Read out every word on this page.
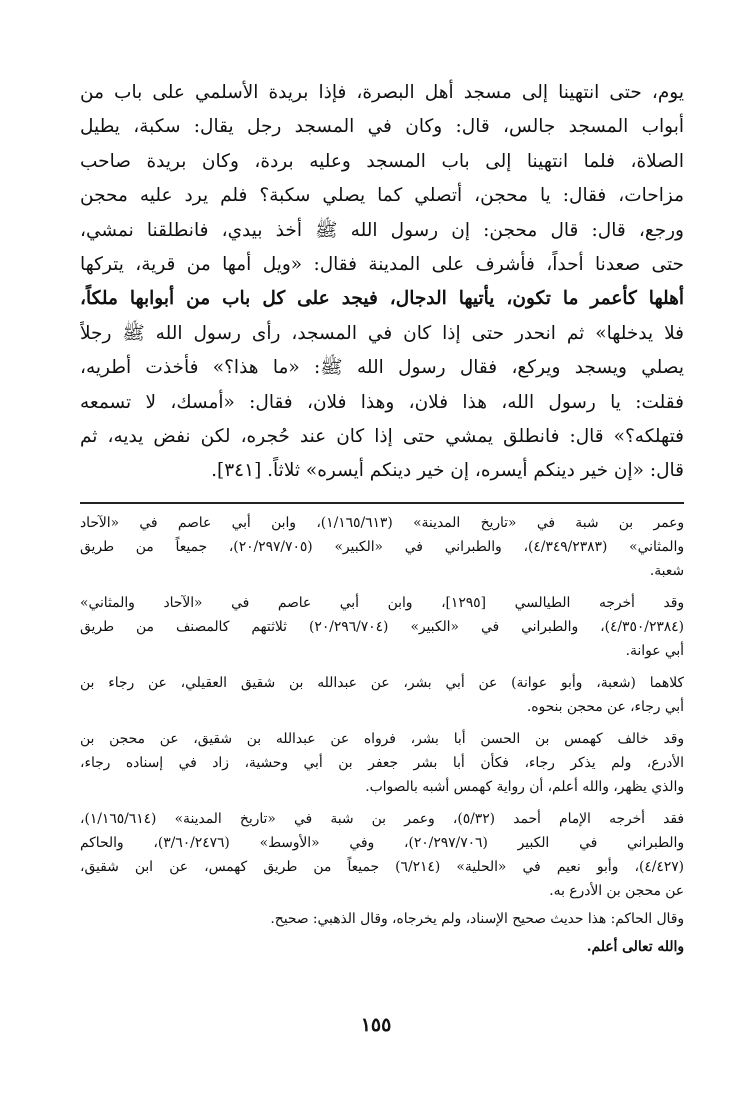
يوم، حتى انتهينا إلى مسجد أهل البصرة، فإذا بريدة الأسلمي على باب من
أبواب المسجد جالس، قال: وكان في المسجد رجل يقال: سكبة، يطيل
الصلاة، فلما انتهينا إلى باب المسجد وعليه بردة، وكان بريدة صاحب
مزاحات، فقال: يا محجن، أتصلي كما يصلي سكبة؟ فلم يرد عليه محجن
ورجع، قال: قال محجن: إن رسول الله ﷺ أخذ بيدي، فانطلقنا نمشي،
حتى صعدنا أحداً، فأشرف على المدينة فقال: «ويل أمها من قرية، يتركها
أهلها كأعمر ما تكون، يأتيها الدجال، فيجد على كل باب من أبوابها ملكاً،
فلا يدخلها» ثم انحدر حتى إذا كان في المسجد، رأى رسول الله ﷺ رجلاً
يصلي ويسجد ويركع، فقال رسول الله ﷺ: «ما هذا؟» فأخذت أطريه،
فقلت: يا رسول الله، هذا فلان، وهذا فلان، فقال: «أمسك، لا تسمعه
فتهلكه؟» قال: فانطلق يمشي حتى إذا كان عند حُجره، لكن نفض يديه، ثم
قال: «إن خير دينكم أيسره، إن خير دينكم أيسره» ثلاثاً. [٣٤١].
وعمر بن شبة في «تاريخ المدينة» (١/١٦٥/٦١٣)، وابن أبي عاصم في «الآحاد
والمثاني» (٤/٣٤٩/٢٣٨٣)، والطبراني في «الكبير» (٢٠/٢٩٧/٧٠٥)، جميعاً من طريق
شعبة.
وقد أخرجه الطيالسي [١٢٩٥]، وابن أبي عاصم في «الآحاد والمثاني»
(٤/٣٥٠/٢٣٨٤)، والطبراني في «الكبير» (٢٠/٢٩٦/٧٠٤) ثلاثتهم كالمصنف من طريق
أبي عوانة.
كلاهما (شعبة، وأبو عوانة) عن أبي بشر، عن عبدالله بن شقيق العقيلي، عن رجاء بن
أبي رجاء، عن محجن بنحوه.
وقد خالف كهمس بن الحسن أبا بشر، فرواه عن عبدالله بن شقيق، عن محجن بن
الأدرع، ولم يذكر رجاء، فكأن أبا بشر جعفر بن أبي وحشية، زاد في إسناده رجاء،
والذي يظهر، والله أعلم، أن رواية كهمس أشبه بالصواب.
فقد أخرجه الإمام أحمد (٥/٣٢)، وعمر بن شبة في «تاريخ المدينة» (١/١٦٥/٦١٤)،
والطبراني في الكبير (٢٠/٢٩٧/٧٠٦)، وفي «الأوسط» (٣/٦٠/٢٤٧٦)، والحاكم
(٤/٤٢٧)، وأبو نعيم في «الحلية» (٦/٢١٤) جميعاً من طريق كهمس، عن ابن شقيق،
عن محجن بن الأدرع به.
وقال الحاكم: هذا حديث صحيح الإسناد، ولم يخرجاه، وقال الذهبي: صحيح.
والله تعالى أعلم.
١٥٥
